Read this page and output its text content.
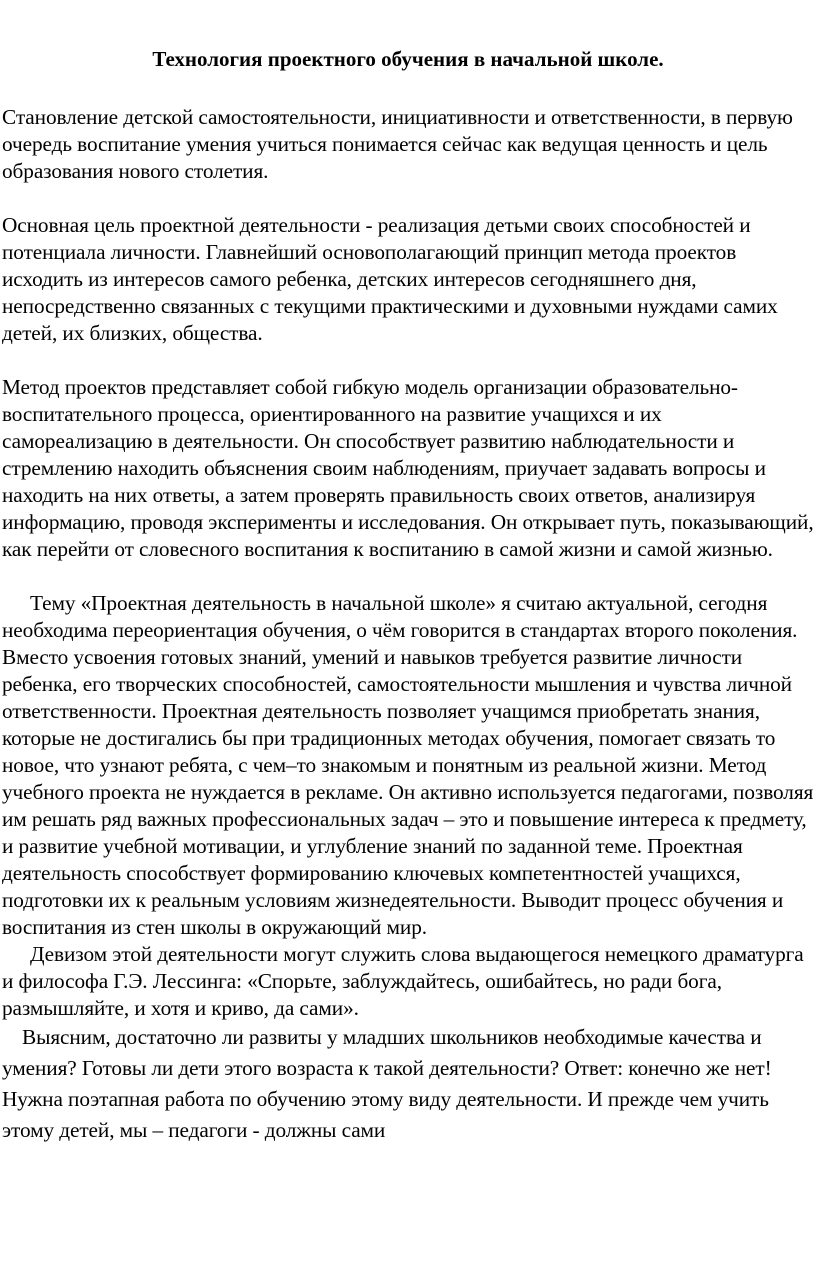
Технология проектного обучения в начальной школе.

Становление детской самостоятельности, инициативности и ответственности, в первую очередь воспитание умения учиться понимается сейчас как ведущая ценность и цель образования нового столетия.

Основная цель проектной деятельности - реализация детьми своих способностей и потенциала личности. Главнейший основополагающий принцип метода проектов исходить из интересов самого ребенка, детских интересов сегодняшнего дня, непосредственно связанных с текущими практическими и духовными нуждами самих детей, их близких, общества.

Метод проектов представляет собой гибкую модель организации образовательно-воспитательного процесса, ориентированного на развитие учащихся и их самореализацию в деятельности. Он способствует развитию наблюдательности и стремлению находить объяснения своим наблюдениям, приучает задавать вопросы и находить на них ответы, а затем проверять правильность своих ответов, анализируя информацию, проводя эксперименты и исследования. Он открывает путь, показывающий, как перейти от словесного воспитания к воспитанию в самой жизни и самой жизнью.

Тему «Проектная деятельность в начальной школе» я считаю актуальной, сегодня необходима переориентация обучения, о чём говорится в стандартах второго поколения. Вместо усвоения готовых знаний, умений и навыков требуется развитие личности ребенка, его творческих способностей, самостоятельности мышления и чувства личной ответственности. Проектная деятельность позволяет учащимся приобретать знания, которые не достигались бы при традиционных методах обучения, помогает связать то новое, что узнают ребята, с чем–то знакомым и понятным из реальной жизни. Метод учебного проекта не нуждается в рекламе. Он активно используется педагогами, позволяя им решать ряд важных профессиональных задач – это и повышение интереса к предмету, и развитие учебной мотивации, и углубление знаний по заданной теме. Проектная деятельность способствует формированию ключевых компетентностей учащихся, подготовки их к реальным условиям жизнедеятельности. Выводит процесс обучения и воспитания из стен школы в окружающий мир.

Девизом этой деятельности могут служить слова выдающегося немецкого драматурга и философа Г.Э. Лессинга: «Спорьте, заблуждайтесь, ошибайтесь, но ради бога, размышляйте, и хотя и криво, да сами».

Выясним, достаточно ли развиты у младших школьников необходимые качества и умения? Готовы ли дети этого возраста к такой деятельности? Ответ: конечно же нет! Нужна поэтапная работа по обучению этому виду деятельности. И прежде чем учить этому детей, мы – педагоги - должны сами
